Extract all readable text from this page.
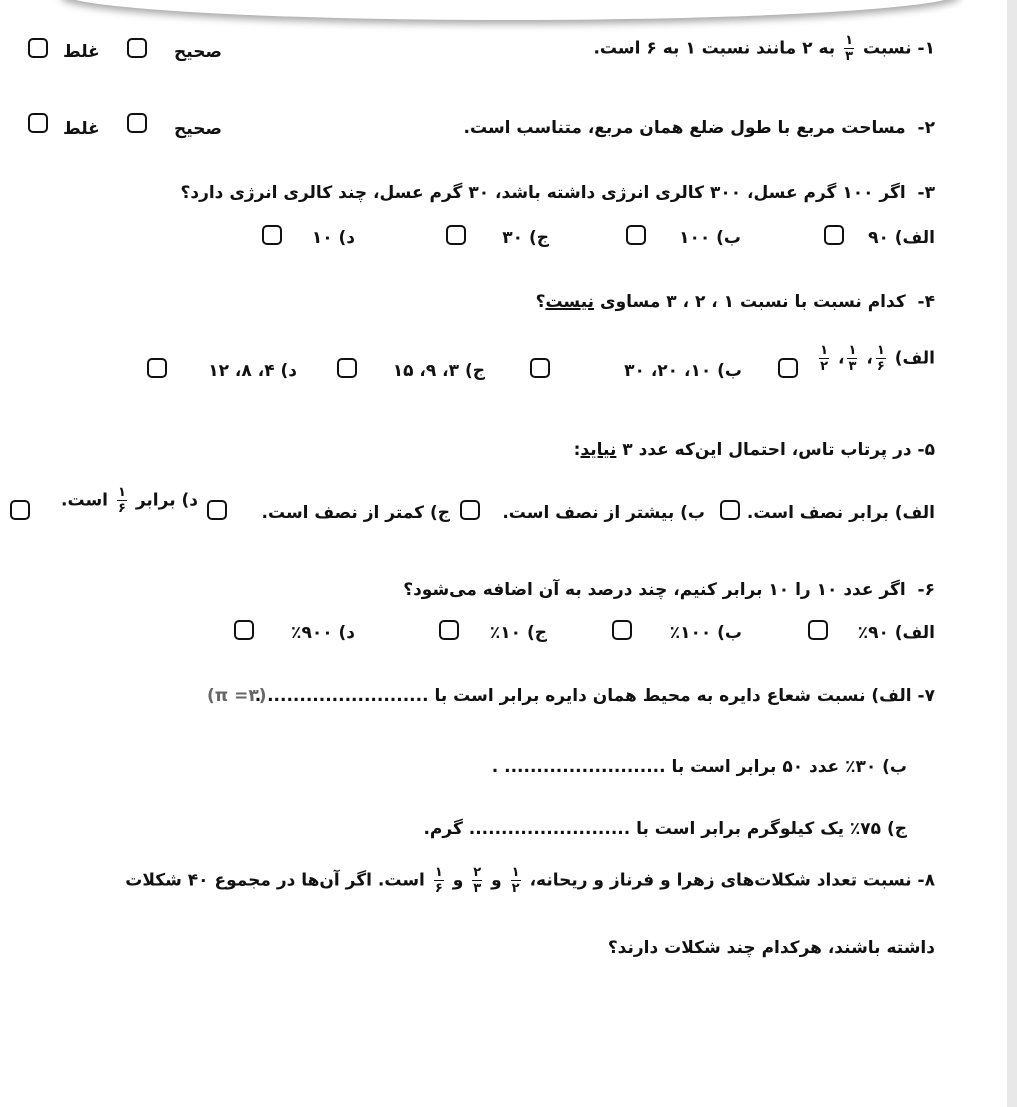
۱- نسبت $\frac{۱}{۳}$ به ۲ مانند نسبت ۱ به ۶ است.
صحیح
غلط
۲-  مساحت مربع با طول ضلع همان مربع، متناسب است.
صحیح
غلط
۳-  اگر ۱۰۰ گرم عسل، ۳۰۰ کالری انرژی داشته باشد، ۳۰ گرم عسل، چند کالری انرژی دارد؟
الف) ۹۰
ب) ۱۰۰
ج) ۳۰
د) ۱۰
۴-  کدام نسبت با نسبت ۱ ، ۲ ، ۳ مساوی نیست؟
الف) $\frac{۱}{۶}،$ $\frac{۱}{۳}، \frac{۱}{۲}$
ب) ۱۰، ۲۰، ۳۰
ج) ۳، ۹، ۱۵
د) ۴، ۸، ۱۲
۵- در پرتاب تاس، احتمال این‌که عدد ۳ نیاید:
الف) برابر نصف است.
ب) بیشتر از نصف است.
ج) کمتر از نصف است.
د) برابر $\frac{۱}{۶}$ است.
۶-  اگر عدد ۱۰ را ۱۰ برابر کنیم، چند درصد به آن اضافه می‌شود؟
الف) ۹۰٪
ب) ۱۰۰٪
ج) ۱۰٪
د) ۹۰۰٪
۷- الف) نسبت شعاع دایره به محیط همان دایره برابر است با ......................... .
(π =۳)
ب) ۳۰٪ عدد ۵۰ برابر است با ......................... .
ج) ۷۵٪ یک کیلوگرم برابر است با ......................... گرم.
۸- نسبت تعداد شکلات‌های زهرا و فرناز و ریحانه، $\frac{۱}{۲}$ و $\frac{۲}{۳}$ و $\frac{۱}{۶}$ است. اگر آن‌ها در مجموع ۴۰ شکلات
داشته باشند، هرکدام چند شکلات دارند؟
